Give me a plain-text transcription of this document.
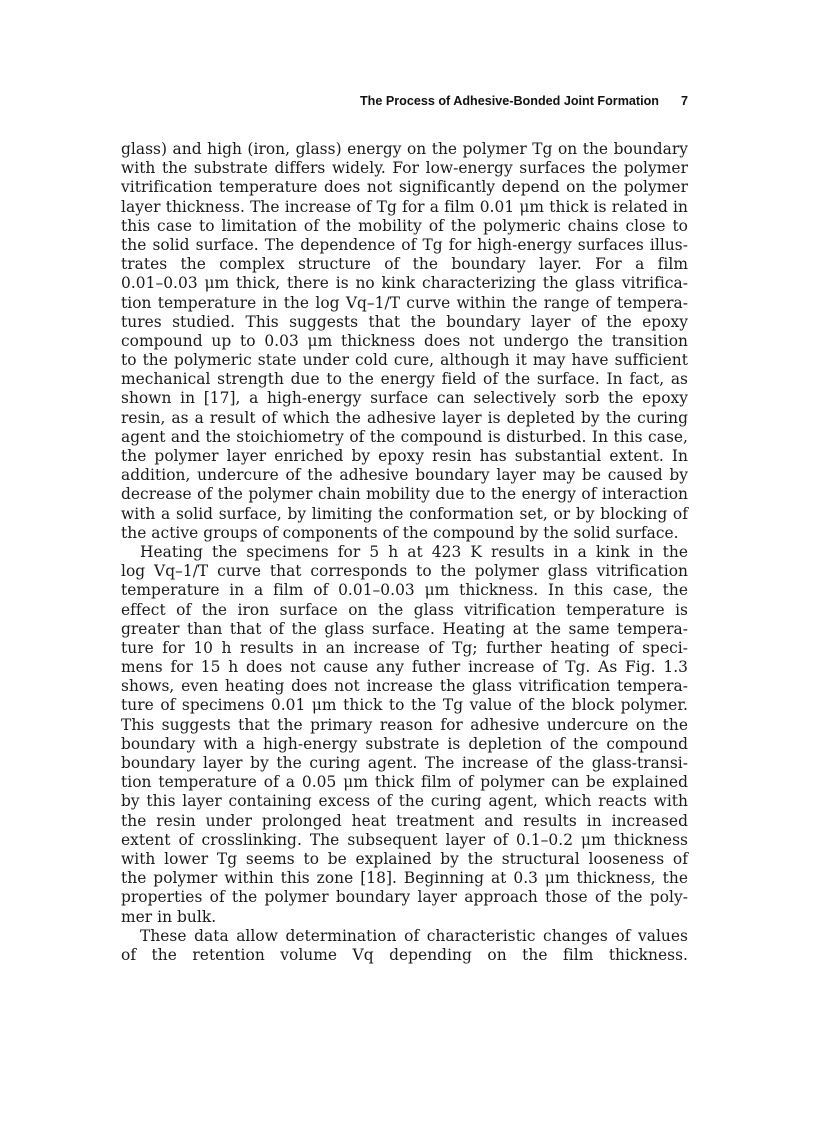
The Process of Adhesive-Bonded Joint Formation 7
glass) and high (iron, glass) energy on the polymer Tg on the boundary
with the substrate differs widely. For low-energy surfaces the polymer
vitrification temperature does not significantly depend on the polymer
layer thickness. The increase of Tg for a film 0.01 μm thick is related in
this case to limitation of the mobility of the polymeric chains close to
the solid surface. The dependence of Tg for high-energy surfaces illus-
trates the complex structure of the boundary layer. For a film
0.01–0.03 μm thick, there is no kink characterizing the glass vitrifica-
tion temperature in the log Vq–1/T curve within the range of tempera-
tures studied. This suggests that the boundary layer of the epoxy
compound up to 0.03 μm thickness does not undergo the transition
to the polymeric state under cold cure, although it may have sufficient
mechanical strength due to the energy field of the surface. In fact, as
shown in [17], a high-energy surface can selectively sorb the epoxy
resin, as a result of which the adhesive layer is depleted by the curing
agent and the stoichiometry of the compound is disturbed. In this case,
the polymer layer enriched by epoxy resin has substantial extent. In
addition, undercure of the adhesive boundary layer may be caused by
decrease of the polymer chain mobility due to the energy of interaction
with a solid surface, by limiting the conformation set, or by blocking of
the active groups of components of the compound by the solid surface.
Heating the specimens for 5 h at 423 K results in a kink in the
log Vq–1/T curve that corresponds to the polymer glass vitrification
temperature in a film of 0.01–0.03 μm thickness. In this case, the
effect of the iron surface on the glass vitrification temperature is
greater than that of the glass surface. Heating at the same tempera-
ture for 10 h results in an increase of Tg; further heating of speci-
mens for 15 h does not cause any futher increase of Tg. As Fig. 1.3
shows, even heating does not increase the glass vitrification tempera-
ture of specimens 0.01 μm thick to the Tg value of the block polymer.
This suggests that the primary reason for adhesive undercure on the
boundary with a high-energy substrate is depletion of the compound
boundary layer by the curing agent. The increase of the glass-transi-
tion temperature of a 0.05 μm thick film of polymer can be explained
by this layer containing excess of the curing agent, which reacts with
the resin under prolonged heat treatment and results in increased
extent of crosslinking. The subsequent layer of 0.1–0.2 μm thickness
with lower Tg seems to be explained by the structural looseness of
the polymer within this zone [18]. Beginning at 0.3 μm thickness, the
properties of the polymer boundary layer approach those of the poly-
mer in bulk.
These data allow determination of characteristic changes of values
of the retention volume Vq depending on the film thickness.
